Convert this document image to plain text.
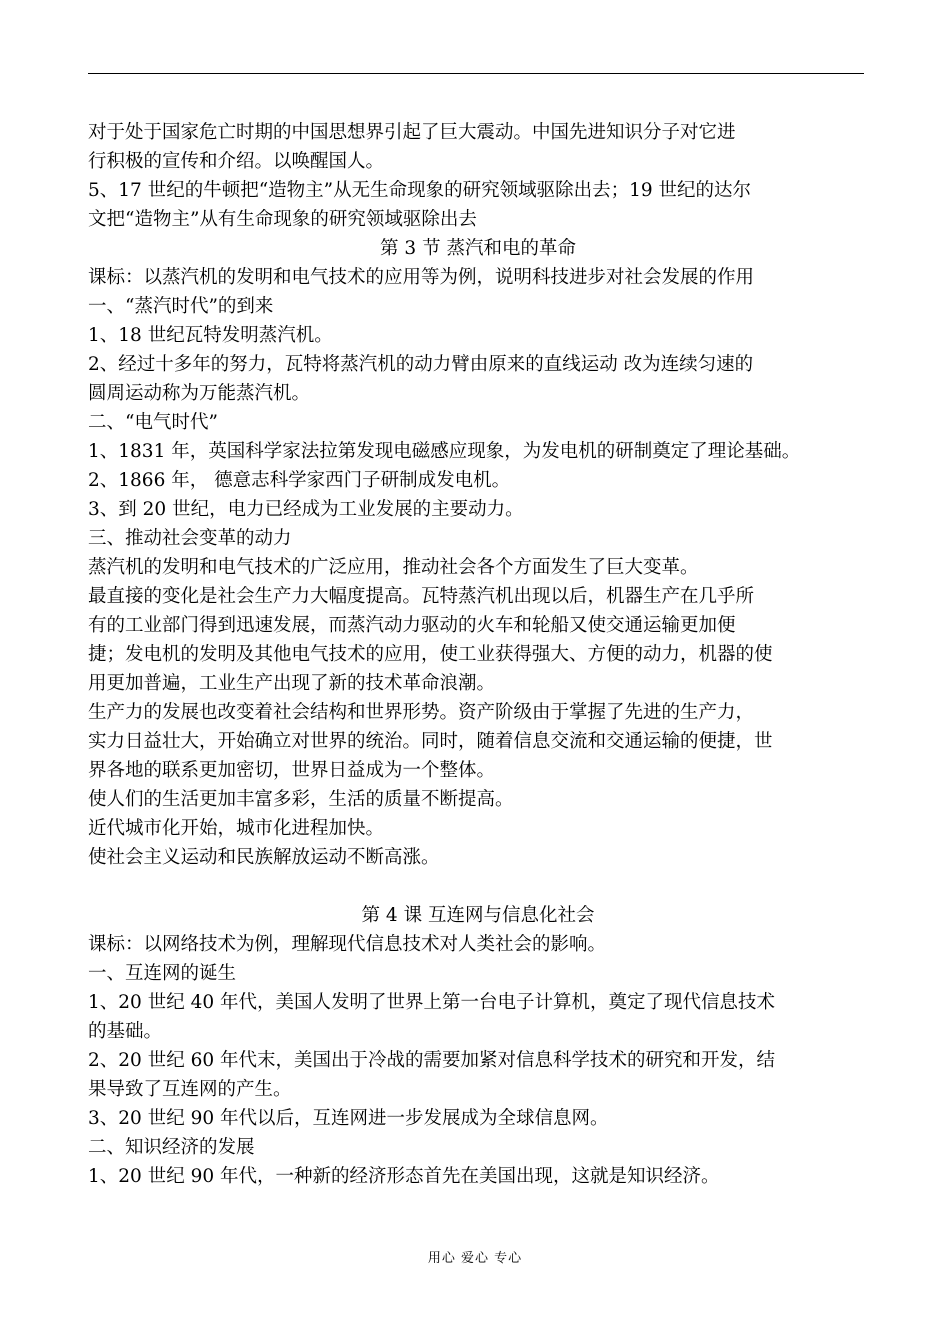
对于处于国家危亡时期的中国思想界引起了巨大震动。中国先进知识分子对它进
行积极的宣传和介绍。以唤醒国人。
5、17 世纪的牛顿把“造物主”从无生命现象的研究领域驱除出去；19 世纪的达尔
文把“造物主”从有生命现象的研究领域驱除出去
第 3 节 蒸汽和电的革命
课标：以蒸汽机的发明和电气技术的应用等为例，说明科技进步对社会发展的作用
一、“蒸汽时代”的到来
1、18 世纪瓦特发明蒸汽机。
2、经过十多年的努力，瓦特将蒸汽机的动力臂由原来的直线运动 改为连续匀速的
圆周运动称为万能蒸汽机。
二、“电气时代”
1、1831 年，英国科学家法拉第发现电磁感应现象，为发电机的研制奠定了理论基础。
2、1866 年， 德意志科学家西门子研制成发电机。
3、到 20 世纪，电力已经成为工业发展的主要动力。
三、推动社会变革的动力
蒸汽机的发明和电气技术的广泛应用，推动社会各个方面发生了巨大变革。
最直接的变化是社会生产力大幅度提高。瓦特蒸汽机出现以后，机器生产在几乎所
有的工业部门得到迅速发展，而蒸汽动力驱动的火车和轮船又使交通运输更加便
捷；发电机的发明及其他电气技术的应用，使工业获得强大、方便的动力，机器的使
用更加普遍，工业生产出现了新的技术革命浪潮。
生产力的发展也改变着社会结构和世界形势。资产阶级由于掌握了先进的生产力，
实力日益壮大，开始确立对世界的统治。同时，随着信息交流和交通运输的便捷，世
界各地的联系更加密切，世界日益成为一个整体。
使人们的生活更加丰富多彩，生活的质量不断提高。
近代城市化开始，城市化进程加快。
使社会主义运动和民族解放运动不断高涨。
第 4 课 互连网与信息化社会
课标：以网络技术为例，理解现代信息技术对人类社会的影响。
一、互连网的诞生
1、20 世纪 40 年代，美国人发明了世界上第一台电子计算机，奠定了现代信息技术
的基础。
2、20 世纪 60 年代末，美国出于冷战的需要加紧对信息科学技术的研究和开发，结
果导致了互连网的产生。
3、20 世纪 90 年代以后，互连网进一步发展成为全球信息网。
二、知识经济的发展
1、20 世纪 90 年代，一种新的经济形态首先在美国出现，这就是知识经济。
用心 爱心 专心
